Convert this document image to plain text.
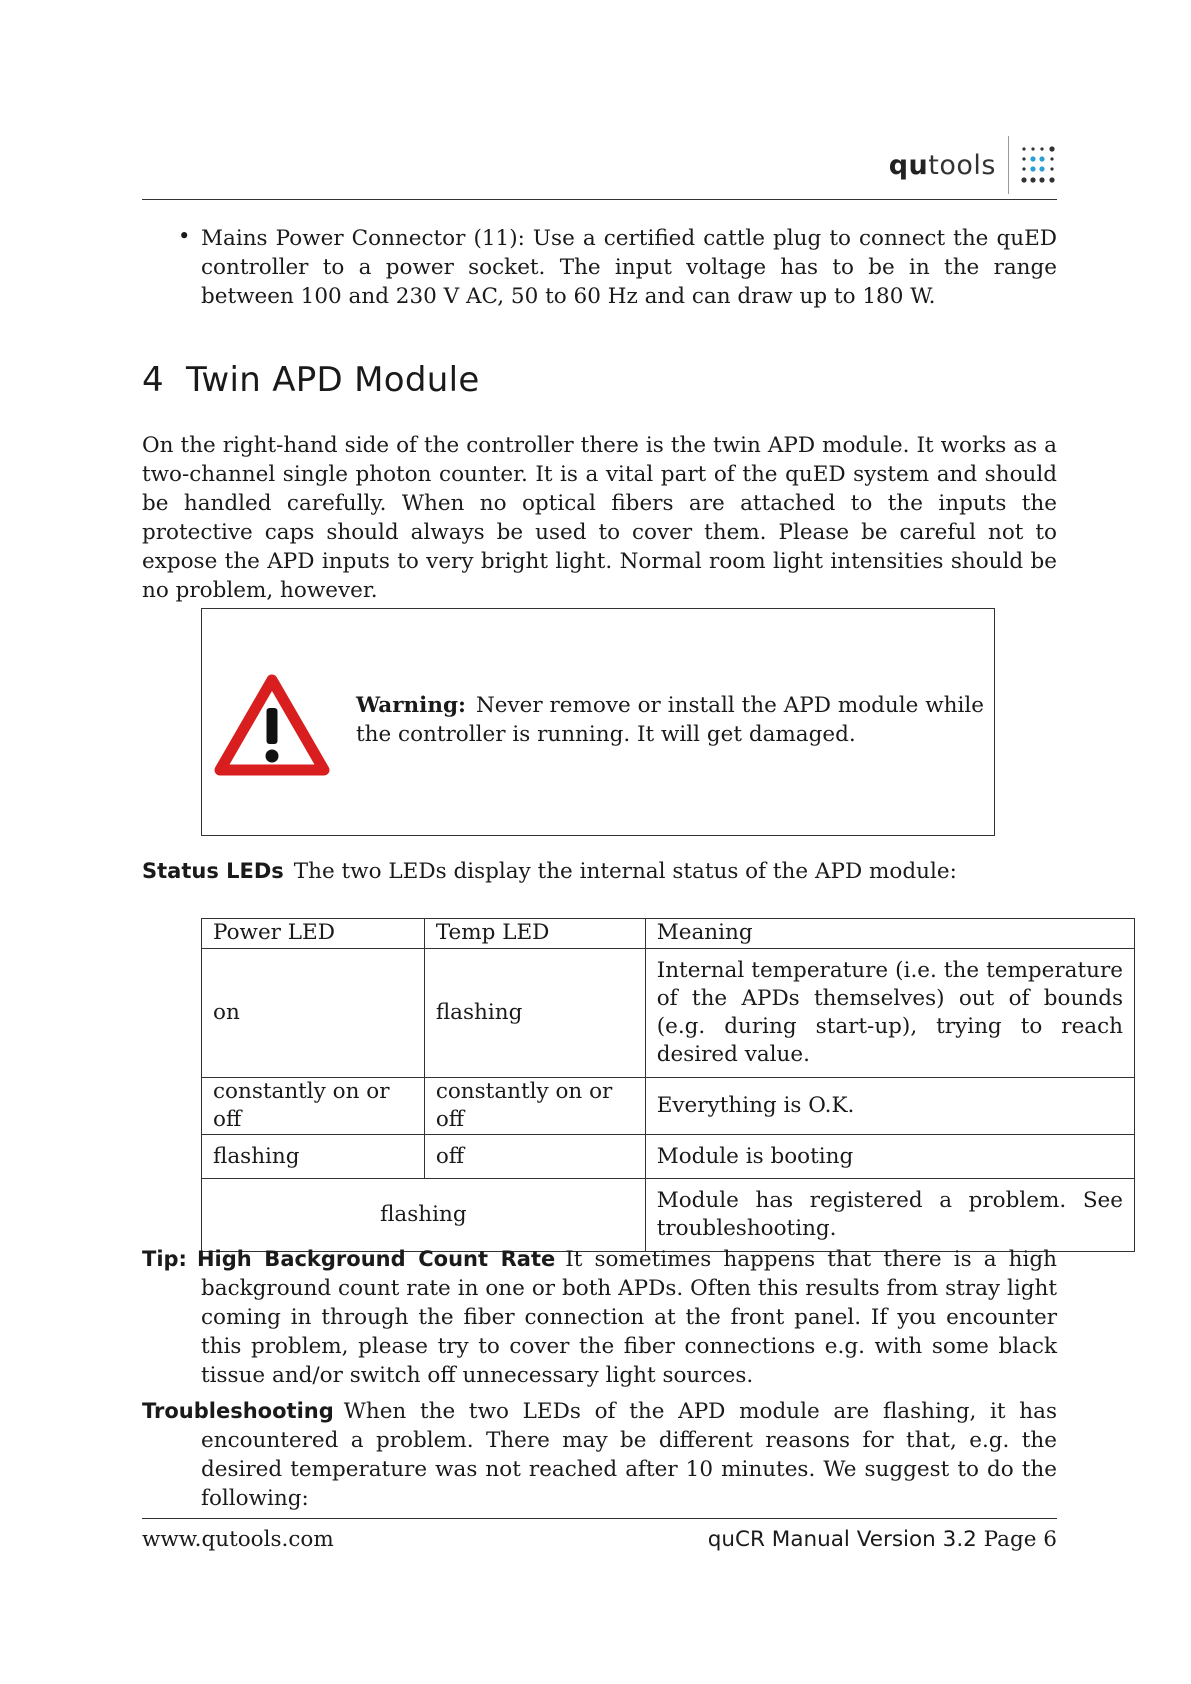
qutools
• Mains Power Connector (11): Use a certified cattle plug to connect the quED controller to a power socket. The input voltage has to be in the range between 100 and 230 V AC, 50 to 60 Hz and can draw up to 180 W.

4 Twin APD Module

On the right-hand side of the controller there is the twin APD module. It works as a two-channel single photon counter. It is a vital part of the quED system and should be handled carefully. When no optical fibers are attached to the inputs the protective caps should always be used to cover them. Please be careful not to expose the APD inputs to very bright light. Normal room light intensities should be no problem, however.

Warning: Never remove or install the APD module while the controller is running. It will get damaged.

Status LEDs The two LEDs display the internal status of the APD module:

Power LED	Temp LED	Meaning
on	flashing	Internal temperature (i.e. the temperature of the APDs themselves) out of bounds (e.g. during start-up), trying to reach desired value.
constantly on or off	constantly on or off	Everything is O.K.
flashing	off	Module is booting
flashing		Module has registered a problem. See troubleshooting.

Tip: High Background Count Rate It sometimes happens that there is a high background count rate in one or both APDs. Often this results from stray light coming in through the fiber connection at the front panel. If you encounter this problem, please try to cover the fiber connections e.g. with some black tissue and/or switch off unnecessary light sources.

Troubleshooting When the two LEDs of the APD module are flashing, it has encountered a problem. There may be different reasons for that, e.g. the desired temperature was not reached after 10 minutes. We suggest to do the following:

www.qutools.com	quCR Manual Version 3.2 Page 6
